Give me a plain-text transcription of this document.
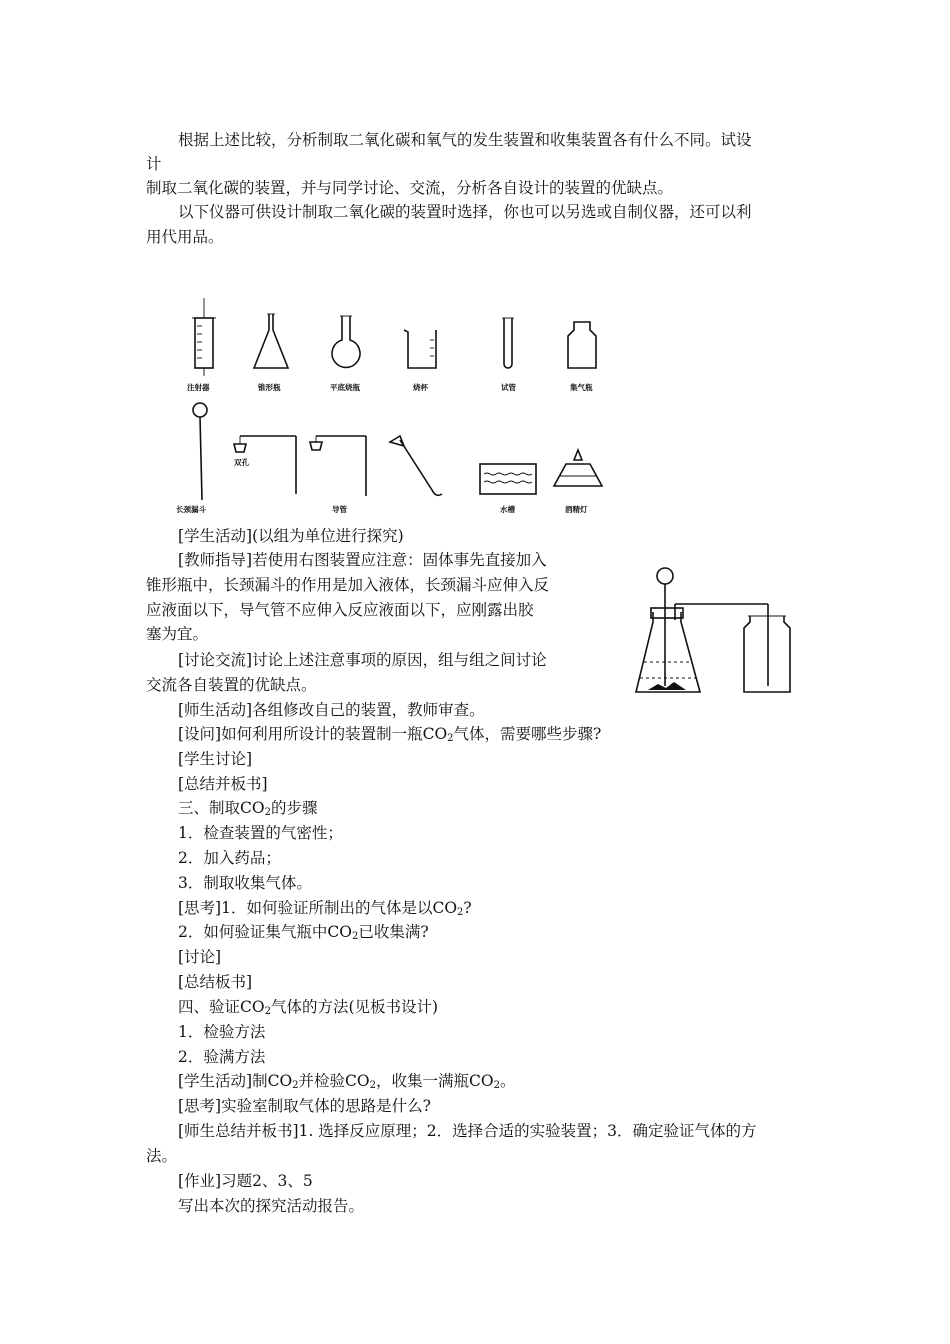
根据上述比较，分析制取二氧化碳和氧气的发生装置和收集装置各有什么不同。试设
计
制取二氧化碳的装置，并与同学讨论、交流，分析各自设计的装置的优缺点。
以下仪器可供设计制取二氧化碳的装置时选择，你也可以另选或自制仪器，还可以利
用代用品。
注射器	锥形瓶	平底烧瓶	烧杯	试管	集气瓶
双孔
长颈漏斗	导管	水槽	酒精灯
[学生活动](以组为单位进行探究)
[教师指导]若使用右图装置应注意：固体事先直接加入
锥形瓶中，长颈漏斗的作用是加入液体，长颈漏斗应伸入反
应液面以下，导气管不应伸入反应液面以下，应刚露出胶
塞为宜。
[讨论交流]讨论上述注意事项的原因，组与组之间讨论
交流各自装置的优缺点。
[师生活动]各组修改自己的装置，教师审查。
[设问]如何利用所设计的装置制一瓶$CO_2$气体，需要哪些步骤?
[学生讨论]
[总结并板书]
三、制取$CO_2$的步骤
1．检查装置的气密性；
2．加入药品；
3．制取收集气体。
[思考]1．如何验证所制出的气体是以$CO_2$?
2．如何验证集气瓶中$CO_2$已收集满?
[讨论]
[总结板书]
四、验证$CO_2$气体的方法(见板书设计)
1．检验方法
2．验满方法
[学生活动]制$CO_2$并检验$CO_2$，收集一满瓶$CO_2$。
[思考]实验室制取气体的思路是什么?
[师生总结并板书]1. 选择反应原理；2．选择合适的实验装置；3．确定验证气体的方
法。
[作业]习题2、3、5
写出本次的探究活动报告。
